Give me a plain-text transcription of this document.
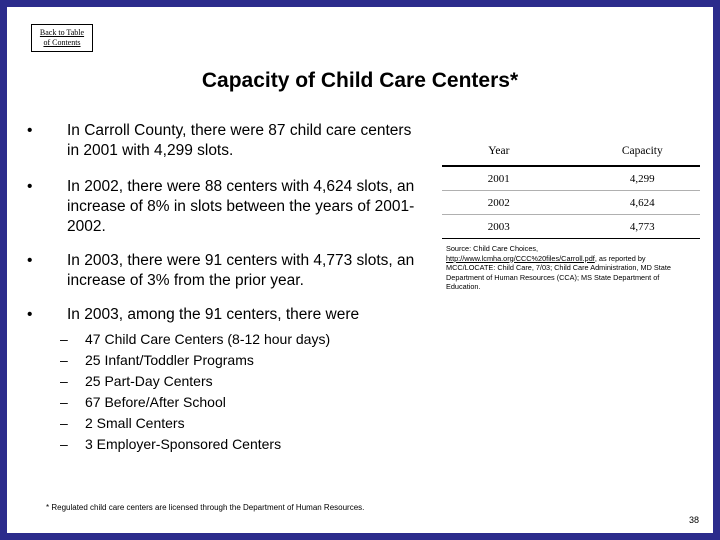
Back to Table
of Contents
Capacity of Child Care Centers*
• In Carroll County, there were 87 child care centers in 2001 with 4,299 slots.
• In 2002, there were 88 centers with 4,624 slots, an increase of 8% in slots between the years of 2001-2002.
• In 2003, there were 91 centers with 4,773 slots, an increase of 3% from the prior year.
• In 2003, among the 91 centers, there were
– 47 Child Care Centers (8-12 hour days)
– 25 Infant/Toddler Programs
– 25 Part-Day Centers
– 67 Before/After School
– 2 Small Centers
– 3 Employer-Sponsored Centers
Year	Capacity
2001	4,299
2002	4,624
2003	4,773
Source: Child Care Choices, http://www.lcmha.org/CCC%20files/Carroll.pdf, as reported by MCC/LOCATE: Child Care, 7/03; Child Care Administration, MD State Department of Human Resources (CCA); MS State Department of Education.
* Regulated child care centers are licensed through the Department of Human Resources.
38
